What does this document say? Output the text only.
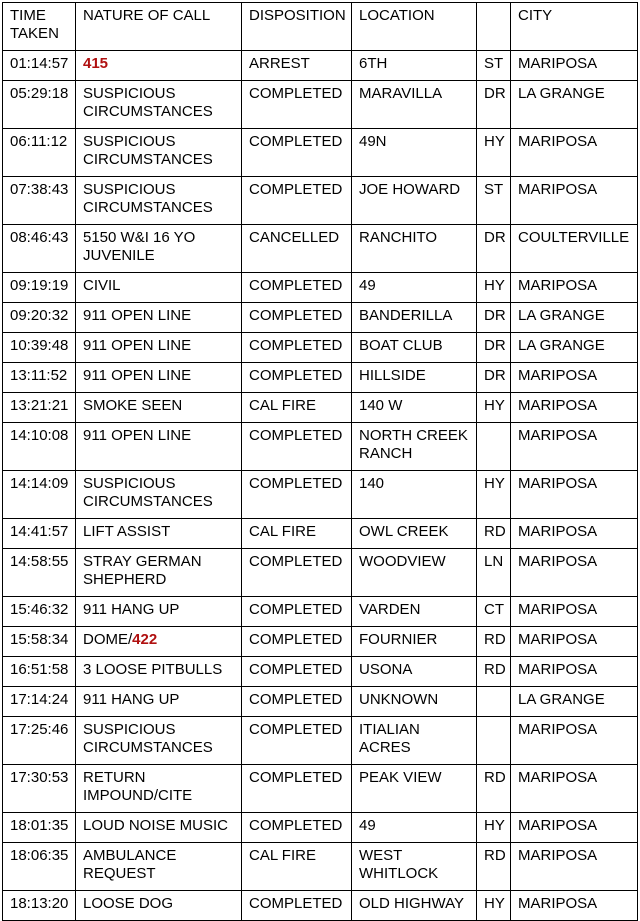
TIME TAKEN	NATURE OF CALL	DISPOSITION	LOCATION		CITY
01:14:57	415	ARREST	6TH	ST	MARIPOSA
05:29:18	SUSPICIOUS CIRCUMSTANCES	COMPLETED	MARAVILLA	DR	LA GRANGE
06:11:12	SUSPICIOUS CIRCUMSTANCES	COMPLETED	49N	HY	MARIPOSA
07:38:43	SUSPICIOUS CIRCUMSTANCES	COMPLETED	JOE HOWARD	ST	MARIPOSA
08:46:43	5150 W&I 16 YO JUVENILE	CANCELLED	RANCHITO	DR	COULTERVILLE
09:19:19	CIVIL	COMPLETED	49	HY	MARIPOSA
09:20:32	911 OPEN LINE	COMPLETED	BANDERILLA	DR	LA GRANGE
10:39:48	911 OPEN LINE	COMPLETED	BOAT CLUB	DR	LA GRANGE
13:11:52	911 OPEN LINE	COMPLETED	HILLSIDE	DR	MARIPOSA
13:21:21	SMOKE SEEN	CAL FIRE	140 W	HY	MARIPOSA
14:10:08	911 OPEN LINE	COMPLETED	NORTH CREEK RANCH		MARIPOSA
14:14:09	SUSPICIOUS CIRCUMSTANCES	COMPLETED	140	HY	MARIPOSA
14:41:57	LIFT ASSIST	CAL FIRE	OWL CREEK	RD	MARIPOSA
14:58:55	STRAY GERMAN SHEPHERD	COMPLETED	WOODVIEW	LN	MARIPOSA
15:46:32	911 HANG UP	COMPLETED	VARDEN	CT	MARIPOSA
15:58:34	DOME/422	COMPLETED	FOURNIER	RD	MARIPOSA
16:51:58	3 LOOSE PITBULLS	COMPLETED	USONA	RD	MARIPOSA
17:14:24	911 HANG UP	COMPLETED	UNKNOWN		LA GRANGE
17:25:46	SUSPICIOUS CIRCUMSTANCES	COMPLETED	ITIALIAN ACRES		MARIPOSA
17:30:53	RETURN IMPOUND/CITE	COMPLETED	PEAK VIEW	RD	MARIPOSA
18:01:35	LOUD NOISE MUSIC	COMPLETED	49	HY	MARIPOSA
18:06:35	AMBULANCE REQUEST	CAL FIRE	WEST WHITLOCK	RD	MARIPOSA
18:13:20	LOOSE DOG	COMPLETED	OLD HIGHWAY	HY	MARIPOSA
